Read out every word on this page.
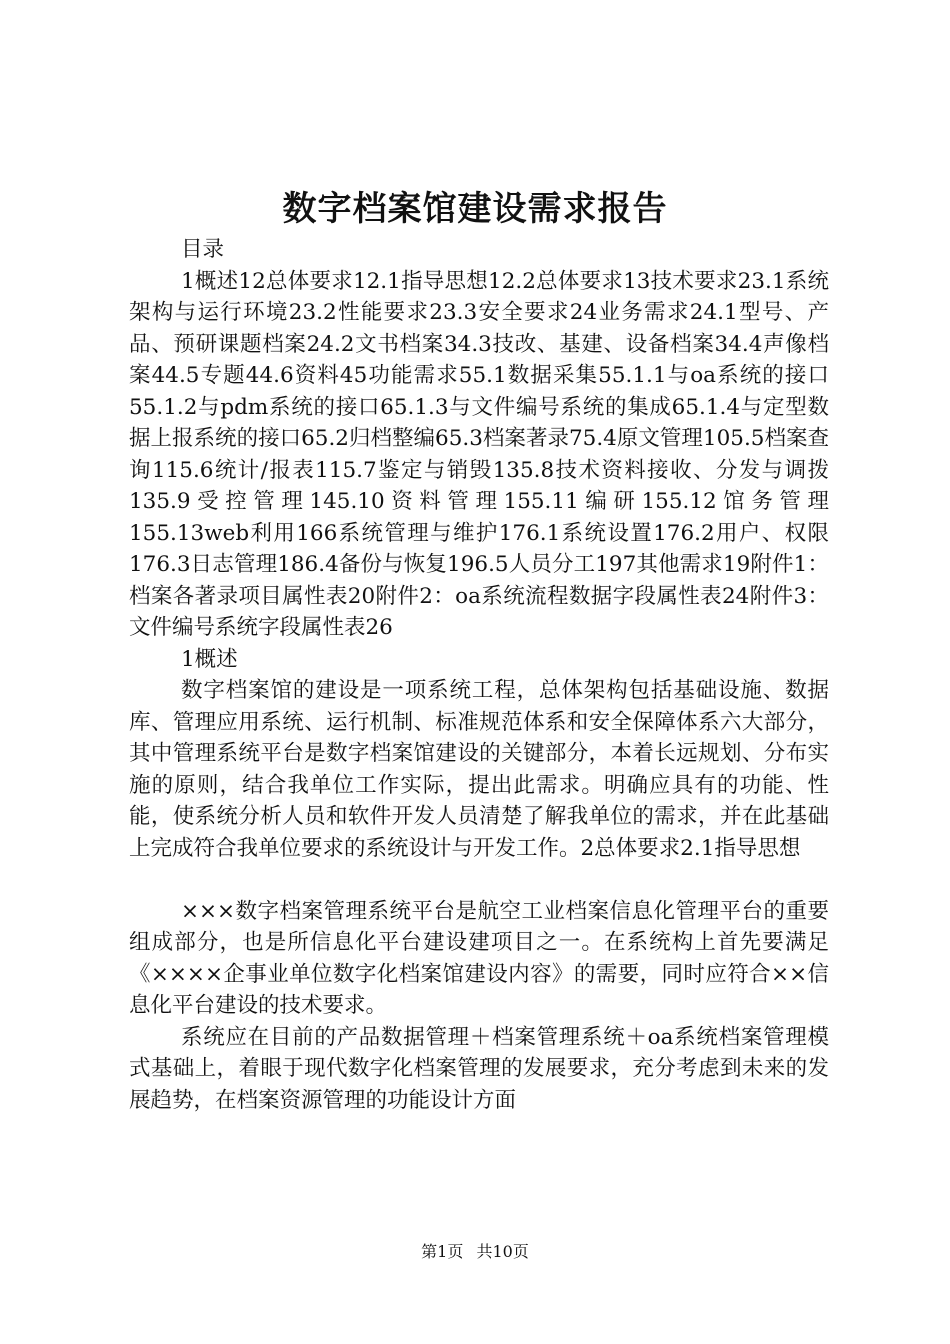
数字档案馆建设需求报告

目录

1概述12总体要求12.1指导思想12.2总体要求13技术要求23.1系统架构与运行环境23.2性能要求23.3安全要求24业务需求24.1型号、产品、预研课题档案24.2文书档案34.3技改、基建、设备档案34.4声像档案44.5专题44.6资料45功能需求55.1数据采集55.1.1与oa系统的接口55.1.2与pdm系统的接口65.1.3与文件编号系统的集成65.1.4与定型数据上报系统的接口65.2归档整编65.3档案著录75.4原文管理105.5档案查询115.6统计/报表115.7鉴定与销毁135.8技术资料接收、分发与调拨135.9受控管理145.10资料管理155.11编研155.12馆务管理155.13web利用166系统管理与维护176.1系统设置176.2用户、权限176.3日志管理186.4备份与恢复196.5人员分工197其他需求19附件1：档案各著录项目属性表20附件2：oa系统流程数据字段属性表24附件3：文件编号系统字段属性表26

1概述

数字档案馆的建设是一项系统工程，总体架构包括基础设施、数据库、管理应用系统、运行机制、标准规范体系和安全保障体系六大部分，其中管理系统平台是数字档案馆建设的关键部分，本着长远规划、分布实施的原则，结合我单位工作实际，提出此需求。明确应具有的功能、性能，使系统分析人员和软件开发人员清楚了解我单位的需求，并在此基础上完成符合我单位要求的系统设计与开发工作。2总体要求2.1指导思想

×××数字档案管理系统平台是航空工业档案信息化管理平台的重要组成部分，也是所信息化平台建设建项目之一。在系统构上首先要满足《××××企事业单位数字化档案馆建设内容》的需要，同时应符合××信息化平台建设的技术要求。

系统应在目前的产品数据管理＋档案管理系统＋oa系统档案管理模式基础上，着眼于现代数字化档案管理的发展要求，充分考虑到未来的发展趋势，在档案资源管理的功能设计方面

第1页 共10页
